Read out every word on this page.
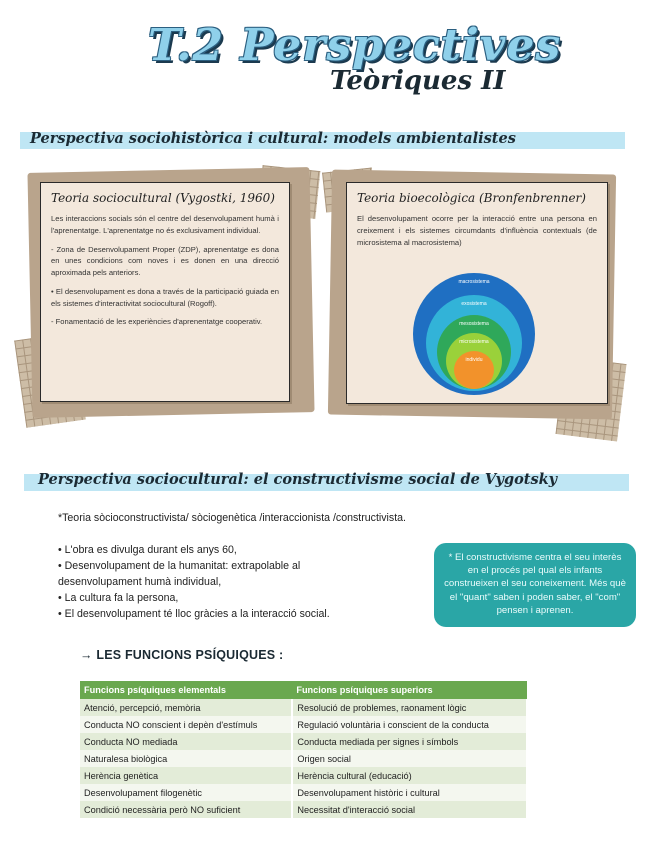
T.2 Perspectives
Teòriques II
Perspectiva sociohistòrica i cultural: models ambientalistes
Teoria sociocultural (Vygostki, 1960)

Les interaccions socials són el centre del desenvolupament humà i l'aprenentatge. L'aprenentatge no és exclusivament individual.

- Zona de Desenvolupament Proper (ZDP), aprenentatge es dona en unes condicions com noves i es donen en una direcció aproximada pels anteriors.

• El desenvolupament es dona a través de la participació guiada en els sistemes d'interactivitat sociocultural (Rogoff).

- Fonamentació de les experiències d'aprenentatge cooperativ.

Teoria bioecològica (Bronfenbrenner)

El desenvolupament ocorre per la interacció entre una persona en creixement i els sistemes circumdants d'influència contextuals (de microsistema al macrosistema)

macrosistema
exosistema
mesosistema
microsistema
individu
Perspectiva sociocultural: el constructivisme social de Vygotsky
*Teoria sòcioconstructivista/ sòciogenètica /interaccionista /constructivista.
• L'obra es divulga durant els anys 60,
• Desenvolupament de la humanitat: extrapolable al desenvolupament humà individual,
• La cultura fa la persona,
• El desenvolupament té lloc gràcies a la interacció social.
* El constructivisme centra el seu interès en el procés pel qual els infants construeixen el seu coneixement. Més què el "quant" saben i poden saber, el "com" pensen i aprenen.
→ LES FUNCIONS PSÍQUIQUES :
Funcions psíquiques elementals	Funcions psíquiques superiors
Atenció, percepció, memòria	Resolució de problemes, raonament lògic
Conducta NO conscient i depèn d'estímuls	Regulació voluntària i conscient de la conducta
Conducta NO mediada	Conducta mediada per signes i símbols
Naturalesa biològica	Origen social
Herència genètica	Herència cultural (educació)
Desenvolupament filogenètic	Desenvolupament històric i cultural
Condició necessària però NO suficient	Necessitat d'interacció social
